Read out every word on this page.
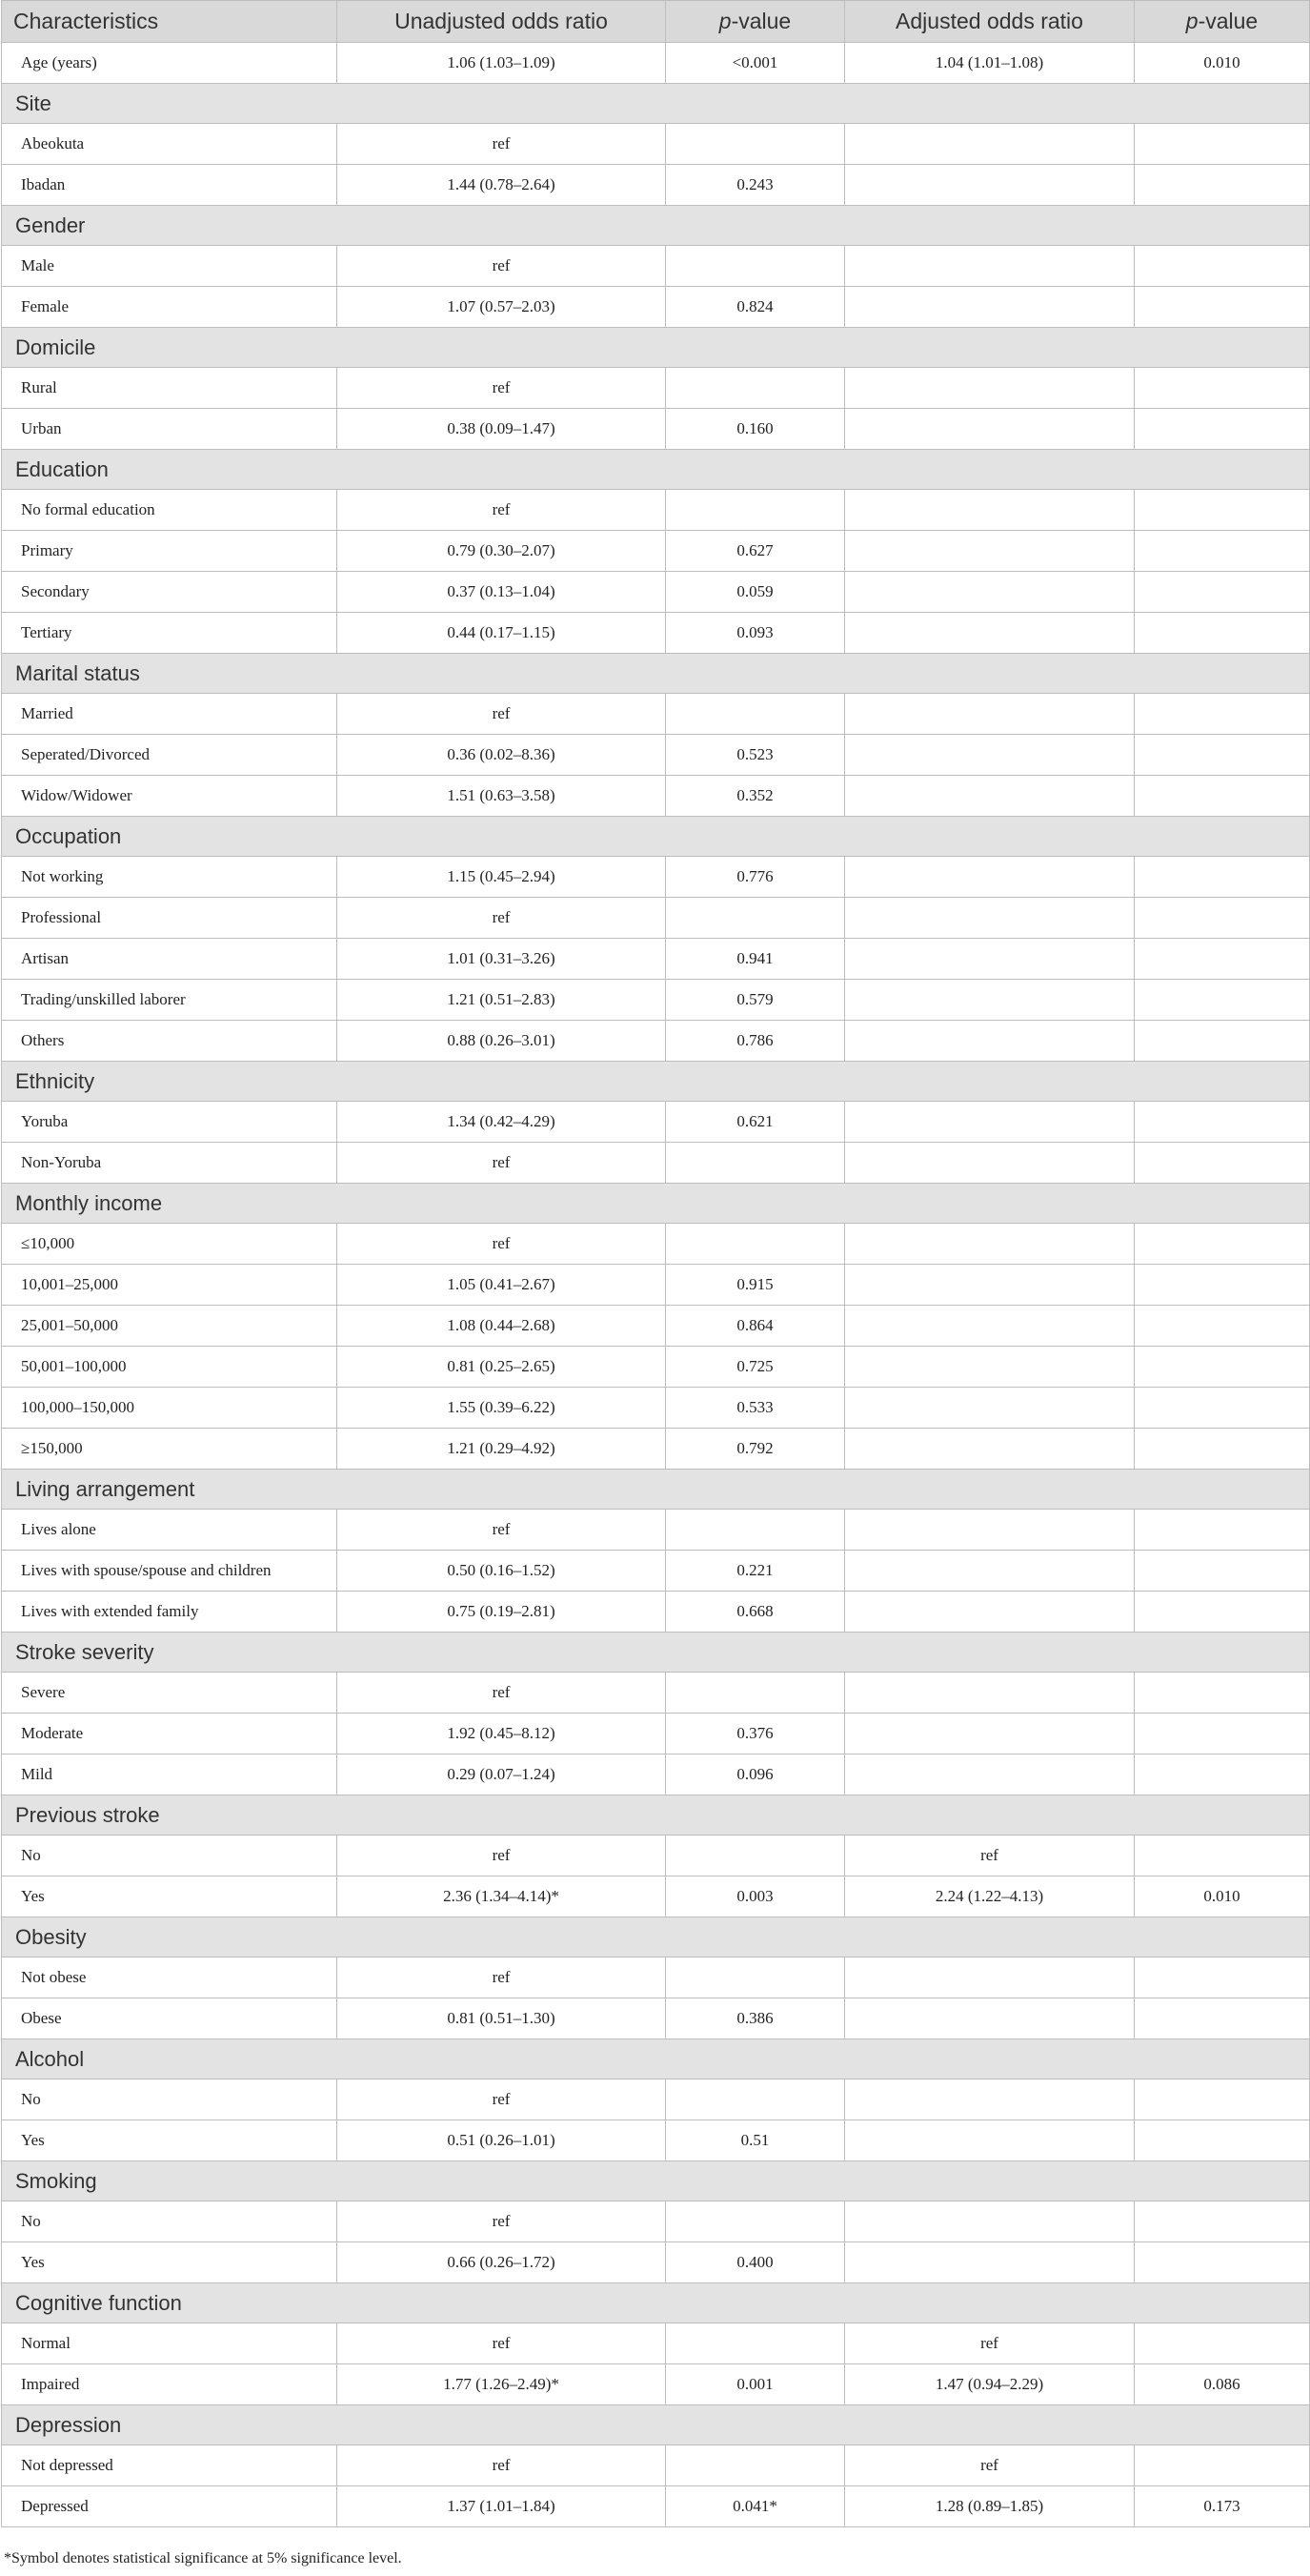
Characteristics	Unadjusted odds ratio	p-value	Adjusted odds ratio	p-value
Age (years)	1.06 (1.03–1.09)	<0.001	1.04 (1.01–1.08)	0.010
Site				
Abeokuta	ref			
Ibadan	1.44 (0.78–2.64)	0.243		
Gender				
Male	ref			
Female	1.07 (0.57–2.03)	0.824		
Domicile				
Rural	ref			
Urban	0.38 (0.09–1.47)	0.160		
Education				
No formal education	ref			
Primary	0.79 (0.30–2.07)	0.627		
Secondary	0.37 (0.13–1.04)	0.059		
Tertiary	0.44 (0.17–1.15)	0.093		
Marital status				
Married	ref			
Seperated/Divorced	0.36 (0.02–8.36)	0.523		
Widow/Widower	1.51 (0.63–3.58)	0.352		
Occupation				
Not working	1.15 (0.45–2.94)	0.776		
Professional	ref			
Artisan	1.01 (0.31–3.26)	0.941		
Trading/unskilled laborer	1.21 (0.51–2.83)	0.579		
Others	0.88 (0.26–3.01)	0.786		
Ethnicity				
Yoruba	1.34 (0.42–4.29)	0.621		
Non-Yoruba	ref			
Monthly income				
≤10,000	ref			
10,001–25,000	1.05 (0.41–2.67)	0.915		
25,001–50,000	1.08 (0.44–2.68)	0.864		
50,001–100,000	0.81 (0.25–2.65)	0.725		
100,000–150,000	1.55 (0.39–6.22)	0.533		
≥150,000	1.21 (0.29–4.92)	0.792		
Living arrangement				
Lives alone	ref			
Lives with spouse/spouse and children	0.50 (0.16–1.52)	0.221		
Lives with extended family	0.75 (0.19–2.81)	0.668		
Stroke severity				
Severe	ref			
Moderate	1.92 (0.45–8.12)	0.376		
Mild	0.29 (0.07–1.24)	0.096		
Previous stroke				
No	ref		ref	
Yes	2.36 (1.34–4.14)*	0.003	2.24 (1.22–4.13)	0.010
Obesity				
Not obese	ref			
Obese	0.81 (0.51–1.30)	0.386		
Alcohol				
No	ref			
Yes	0.51 (0.26–1.01)	0.51		
Smoking				
No	ref			
Yes	0.66 (0.26–1.72)	0.400		
Cognitive function				
Normal	ref		ref	
Impaired	1.77 (1.26–2.49)*	0.001	1.47 (0.94–2.29)	0.086
Depression				
Not depressed	ref		ref	
Depressed	1.37 (1.01–1.84)	0.041*	1.28 (0.89–1.85)	0.173
*Symbol denotes statistical significance at 5% significance level.
